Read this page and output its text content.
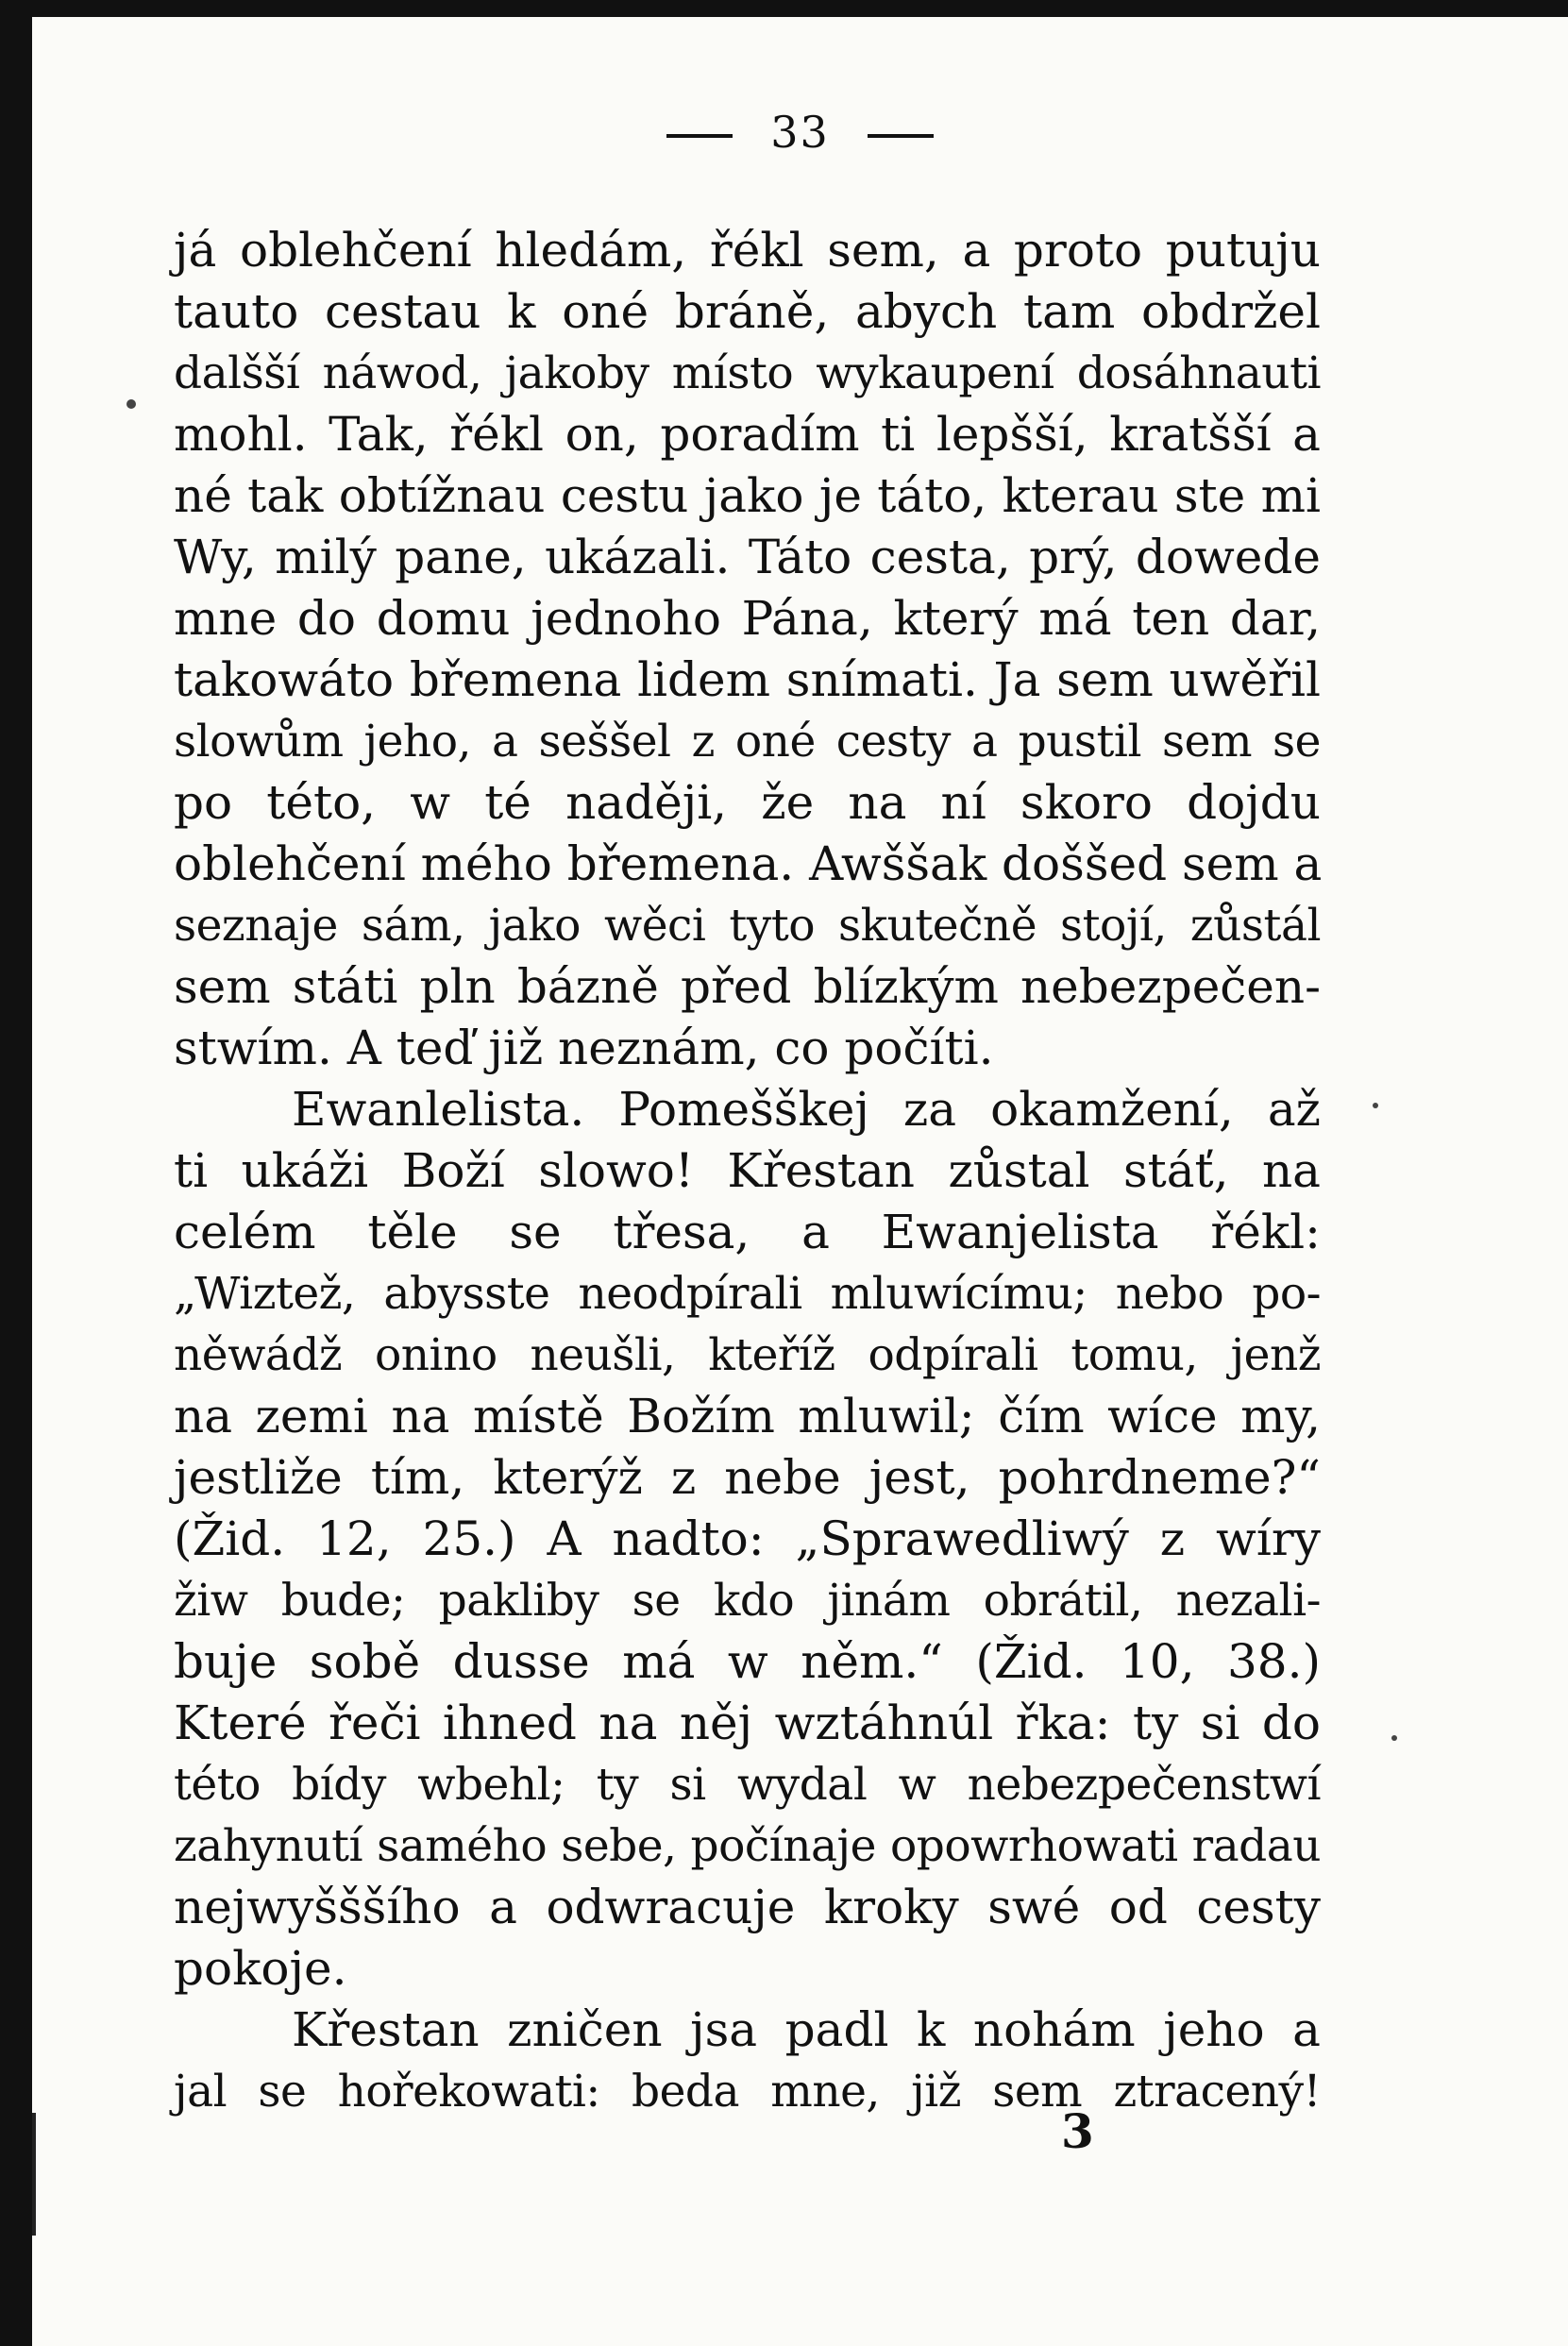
33
já oblehčení hledám, řékl sem, a proto putuju
tauto cestau k oné bráně, abych tam obdržel
dalšší náwod, jakoby místo wykaupení dosáhnauti
mohl. Tak, řékl on, poradím ti lepšší, kratšší a
né tak obtížnau cestu jako je táto, kterau ste mi
Wy, milý pane, ukázali. Táto cesta, prý, dowede
mne do domu jednoho Pána, který má ten dar,
takowáto břemena lidem snímati. Ja sem uwěřil
slowům jeho, a seššel z oné cesty a pustil sem se
po této, w té naději, že na ní skoro dojdu
oblehčení mého břemena. Awššak doššed sem a
seznaje sám, jako wěci tyto skutečně stojí, zůstál
sem státi pln bázně před blízkým nebezpečen-
stwím. A teď již neznám, co počíti.
Ewanlelista. Pomešškej za okamžení, až
ti ukáži Boží slowo! Křestan zůstal stáť, na
celém těle se třesa, a Ewanjelista řékl:
„Wiztež, abysste neodpírali mluwícímu; nebo po-
něwádž onino neušli, kteříž odpírali tomu, jenž
na zemi na místě Božím mluwil; čím wíce my,
jestliže tím, kterýž z nebe jest, pohrdneme?“
(Žid. 12, 25.) A nadto: „Sprawedliwý z wíry
žiw bude; pakliby se kdo jinám obrátil, nezali-
buje sobě dusse má w něm.“ (Žid. 10, 38.)
Které řeči ihned na něj wztáhnúl řka: ty si do
této bídy wbehl; ty si wydal w nebezpečenstwí
zahynutí samého sebe, počínaje opowrhowati radau
nejwyšššího a odwracuje kroky swé od cesty
pokoje.
Křestan zničen jsa padl k nohám jeho a
jal se hořekowati: beda mne, již sem ztracený!
3
